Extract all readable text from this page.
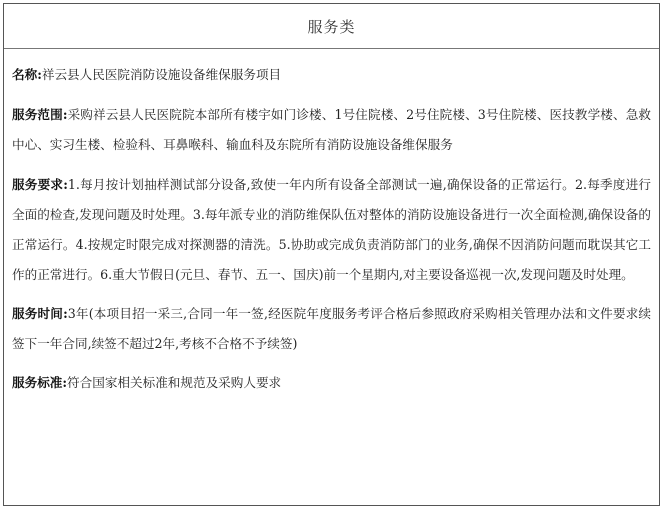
服务类

名称:祥云县人民医院消防设施设备维保服务项目

服务范围:采购祥云县人民医院院本部所有楼宇如门诊楼、1号住院楼、2号住院楼、3号住院楼、医技教学楼、急救中心、实习生楼、检验科、耳鼻喉科、输血科及东院所有消防设施设备维保服务

服务要求:1.每月按计划抽样测试部分设备,致使一年内所有设备全部测试一遍,确保设备的正常运行。2.每季度进行全面的检查,发现问题及时处理。3.每年派专业的消防维保队伍对整体的消防设施设备进行一次全面检测,确保设备的正常运行。4.按规定时限完成对探测器的清洗。5.协助或完成负责消防部门的业务,确保不因消防问题而耽误其它工作的正常进行。6.重大节假日(元旦、春节、五一、国庆)前一个星期内,对主要设备巡视一次,发现问题及时处理。

服务时间:3年(本项目招一采三,合同一年一签,经医院年度服务考评合格后参照政府采购相关管理办法和文件要求续签下一年合同,续签不超过2年,考核不合格不予续签)

服务标准:符合国家相关标准和规范及采购人要求
